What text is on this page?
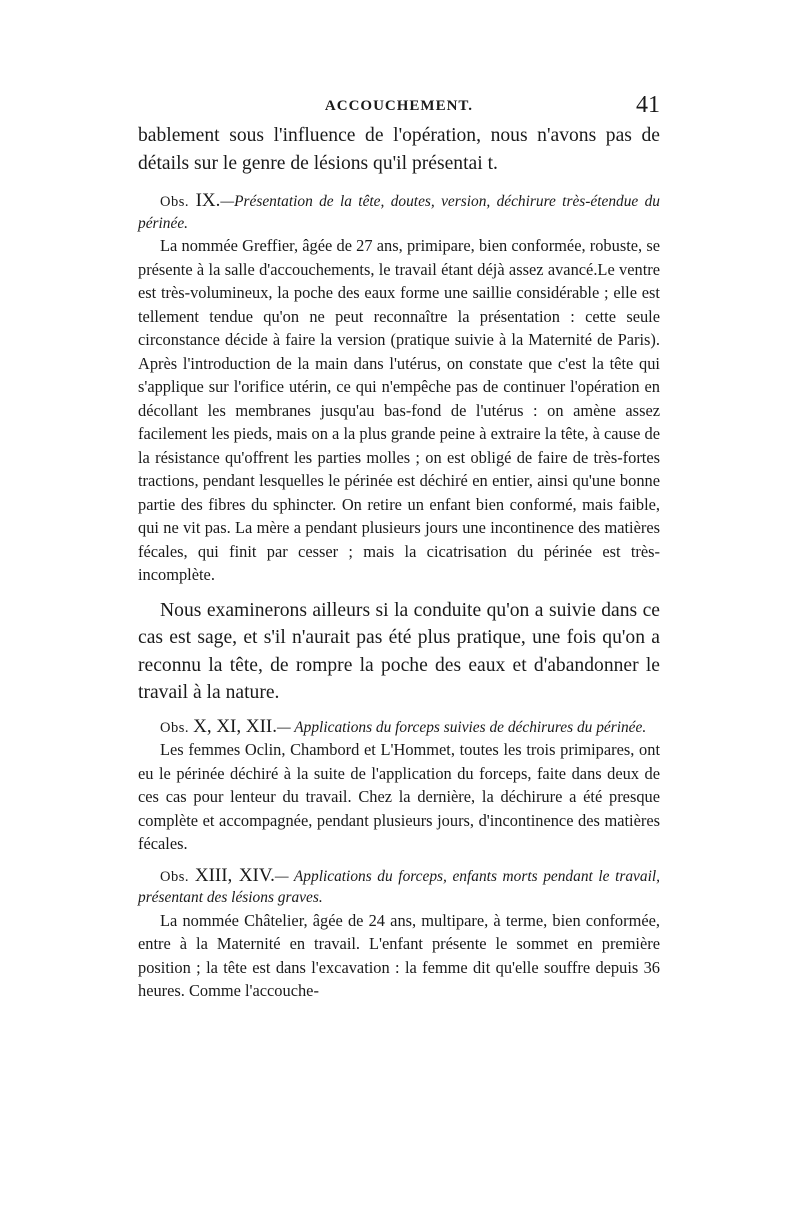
ACCOUCHEMENT.	41

bablement sous l'influence de l'opération, nous n'avons pas de détails sur le genre de lésions qu'il présentai t.

Obs. IX.—Présentation de la tête, doutes, version, déchirure très-étendue du périnée.

La nommée Greffier, âgée de 27 ans, primipare, bien conformée, robuste, se présente à la salle d'accouchements, le travail étant déjà assez avancé.Le ventre est très-volumineux, la poche des eaux forme une saillie considérable ; elle est tellement tendue qu'on ne peut reconnaître la présentation : cette seule circonstance décide à faire la version (pratique suivie à la Maternité de Paris). Après l'introduction de la main dans l'utérus, on constate que c'est la tête qui s'applique sur l'orifice utérin, ce qui n'empêche pas de continuer l'opération en décollant les membranes jusqu'au bas-fond de l'utérus : on amène assez facilement les pieds, mais on a la plus grande peine à extraire la tête, à cause de la résistance qu'offrent les parties molles ; on est obligé de faire de très-fortes tractions, pendant lesquelles le périnée est déchiré en entier, ainsi qu'une bonne partie des fibres du sphincter. On retire un enfant bien conformé, mais faible, qui ne vit pas. La mère a pendant plusieurs jours une incontinence des matières fécales, qui finit par cesser ; mais la cicatrisation du périnée est très-incomplète.

Nous examinerons ailleurs si la conduite qu'on a suivie dans ce cas est sage, et s'il n'aurait pas été plus pratique, une fois qu'on a reconnu la tête, de rompre la poche des eaux et d'abandonner le travail à la nature.

Obs. X, XI, XII.— Applications du forceps suivies de déchirures du périnée.

Les femmes Oclin, Chambord et L'Hommet, toutes les trois primipares, ont eu le périnée déchiré à la suite de l'application du forceps, faite dans deux de ces cas pour lenteur du travail. Chez la dernière, la déchirure a été presque complète et accompagnée, pendant plusieurs jours, d'incontinence des matières fécales.

Obs. XIII, XIV.— Applications du forceps, enfants morts pendant le travail, présentant des lésions graves.

La nommée Châtelier, âgée de 24 ans, multipare, à terme, bien conformée, entre à la Maternité en travail. L'enfant présente le sommet en première position ; la tête est dans l'excavation : la femme dit qu'elle souffre depuis 36 heures. Comme l'accouche-
